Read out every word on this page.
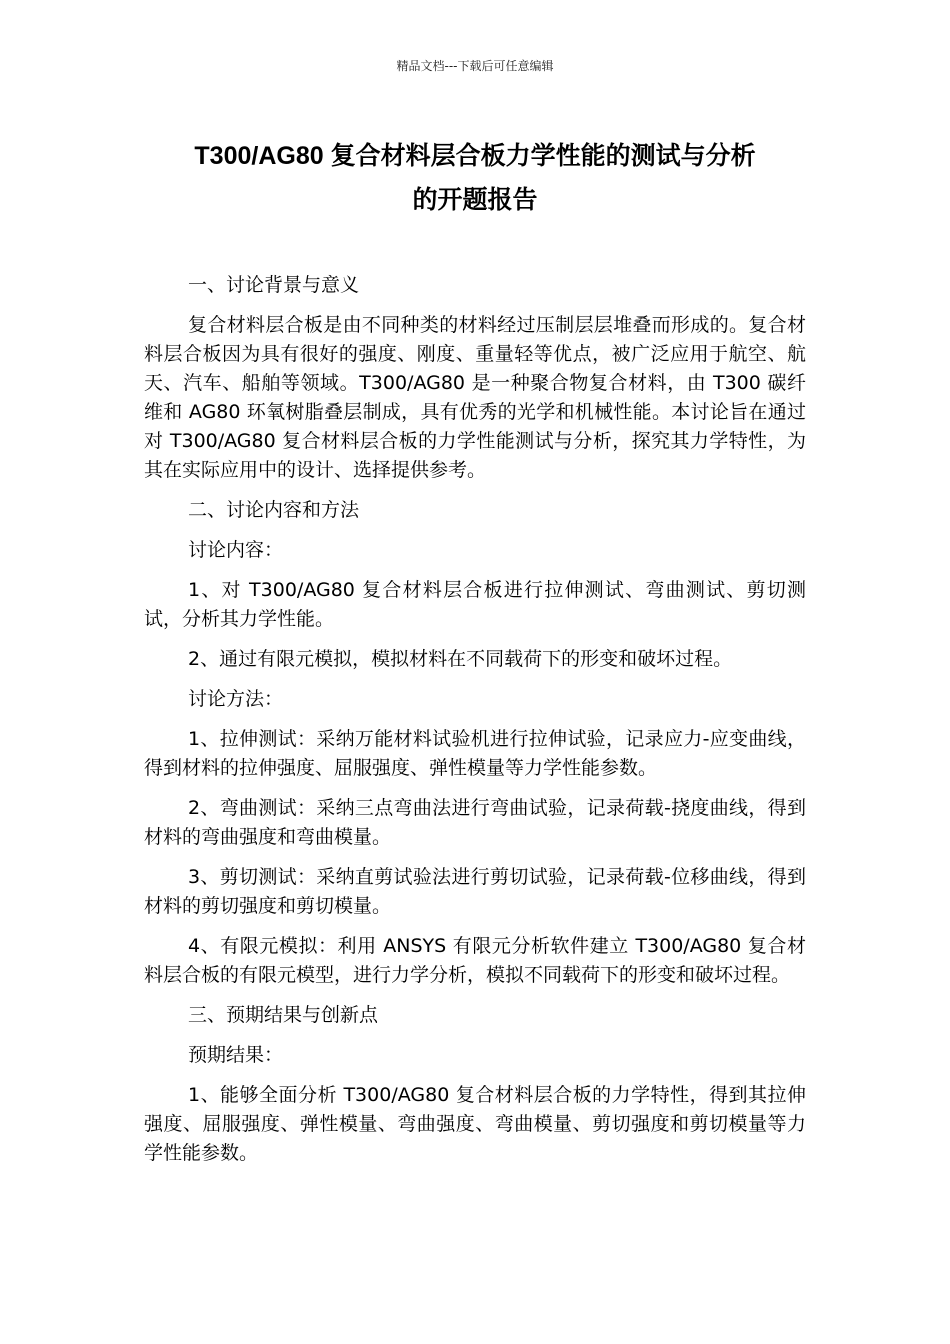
精品文档---下载后可任意编辑
T300/AG80 复合材料层合板力学性能的测试与分析
的开题报告

一、讨论背景与意义

复合材料层合板是由不同种类的材料经过压制层层堆叠而形成的。复合材料层合板因为具有很好的强度、刚度、重量轻等优点，被广泛应用于航空、航天、汽车、船舶等领域。T300/AG80 是一种聚合物复合材料，由 T300 碳纤维和 AG80 环氧树脂叠层制成，具有优秀的光学和机械性能。本讨论旨在通过对 T300/AG80 复合材料层合板的力学性能测试与分析，探究其力学特性，为其在实际应用中的设计、选择提供参考。

二、讨论内容和方法

讨论内容：

1、对 T300/AG80 复合材料层合板进行拉伸测试、弯曲测试、剪切测试，分析其力学性能。

2、通过有限元模拟，模拟材料在不同载荷下的形变和破坏过程。

讨论方法：

1、拉伸测试：采纳万能材料试验机进行拉伸试验，记录应力-应变曲线，得到材料的拉伸强度、屈服强度、弹性模量等力学性能参数。

2、弯曲测试：采纳三点弯曲法进行弯曲试验，记录荷载-挠度曲线，得到材料的弯曲强度和弯曲模量。

3、剪切测试：采纳直剪试验法进行剪切试验，记录荷载-位移曲线，得到材料的剪切强度和剪切模量。

4、有限元模拟：利用 ANSYS 有限元分析软件建立 T300/AG80 复合材料层合板的有限元模型，进行力学分析，模拟不同载荷下的形变和破坏过程。

三、预期结果与创新点

预期结果：

1、能够全面分析 T300/AG80 复合材料层合板的力学特性，得到其拉伸强度、屈服强度、弹性模量、弯曲强度、弯曲模量、剪切强度和剪切模量等力学性能参数。
